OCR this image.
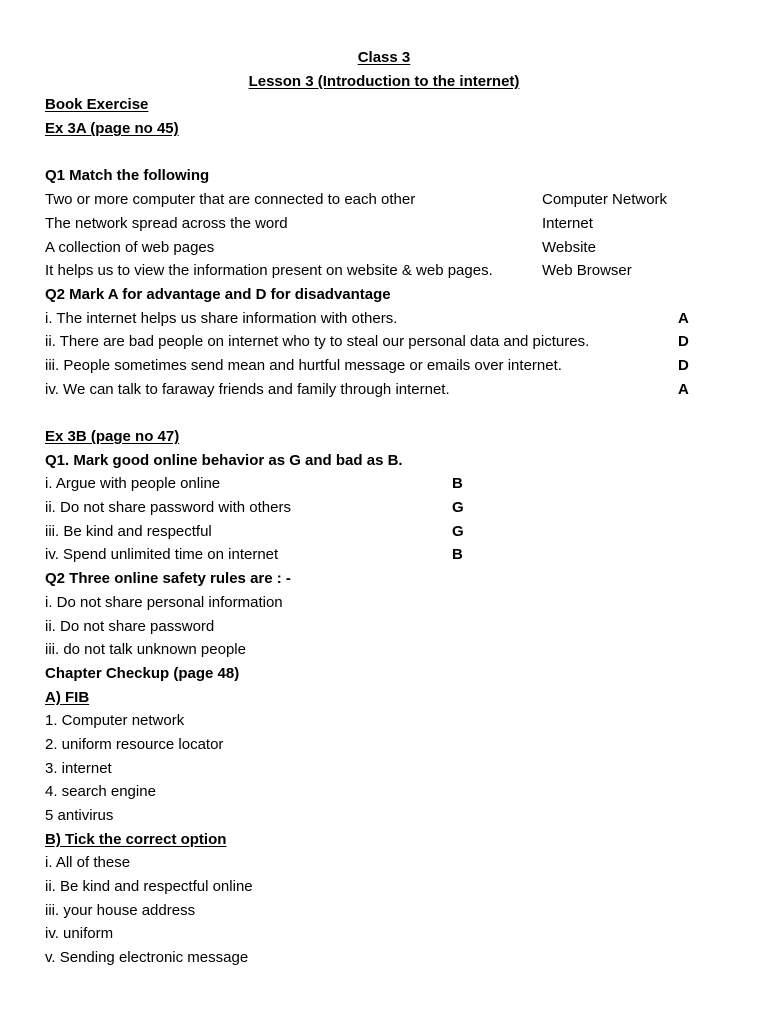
Class 3
Lesson 3 (Introduction to the internet)
Book Exercise
Ex 3A (page no 45)
Q1 Match the following
Two or more computer that are connected to each other	Computer Network
The network spread across the word	Internet
A collection of web pages	Website
It helps us to view the information present on website & web pages.	Web Browser
Q2 Mark A for advantage and D for disadvantage
i. The internet helps us share information with others.	A
ii. There are bad people on internet who ty to steal our personal data and pictures.	D
iii. People sometimes send mean and hurtful message or emails over internet.	D
iv. We can talk to faraway friends and family through internet.	A
Ex 3B (page no 47)
Q1. Mark good online behavior as G and bad as B.
i. Argue with people online	B
ii. Do not share password with others	G
iii. Be kind and respectful	G
iv. Spend unlimited time on internet	B
Q2 Three online safety rules are : -
i. Do not share personal information
ii. Do not share password
iii. do not talk unknown people
Chapter Checkup (page 48)
A) FIB
1. Computer network
2. uniform resource locator
3. internet
4. search engine
5 antivirus
B) Tick the correct option
i. All of these
ii. Be kind and respectful online
iii. your house address
iv. uniform
v. Sending electronic message
